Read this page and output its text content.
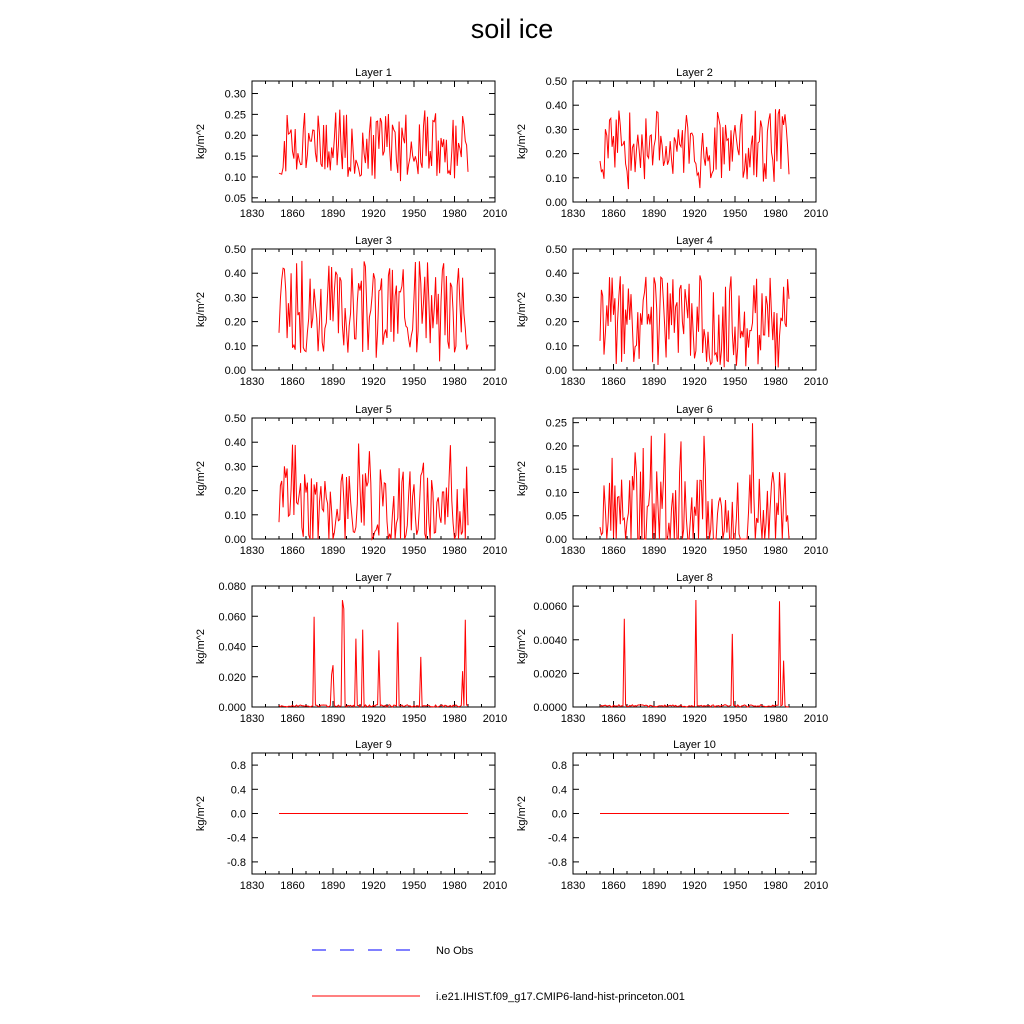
soil ice
Layer 1
kg/m^2
1830 1860 1890 1920 1950 1980 2010
0.05
0.10
0.15
0.20
0.25
0.30
Layer 2
kg/m^2
1830 1860 1890 1920 1950 1980 2010
0.00
0.10
0.20
0.30
0.40
0.50
Layer 3
kg/m^2
1830 1860 1890 1920 1950 1980 2010
0.00
0.10
0.20
0.30
0.40
0.50
Layer 4
kg/m^2
1830 1860 1890 1920 1950 1980 2010
0.00
0.10
0.20
0.30
0.40
0.50
Layer 5
kg/m^2
1830 1860 1890 1920 1950 1980 2010
0.00
0.10
0.20
0.30
0.40
0.50
Layer 6
kg/m^2
1830 1860 1890 1920 1950 1980 2010
0.00
0.05
0.10
0.15
0.20
0.25
Layer 7
kg/m^2
1830 1860 1890 1920 1950 1980 2010
0.000
0.020
0.040
0.060
0.080
Layer 8
kg/m^2
1830 1860 1890 1920 1950 1980 2010
0.0000
0.0020
0.0040
0.0060
Layer 9
kg/m^2
1830 1860 1890 1920 1950 1980 2010
-0.8
-0.4
0.0
0.4
0.8
Layer 10
kg/m^2
1830 1860 1890 1920 1950 1980 2010
-0.8
-0.4
0.0
0.4
0.8
No Obs
i.e21.IHIST.f09_g17.CMIP6-land-hist-princeton.001
